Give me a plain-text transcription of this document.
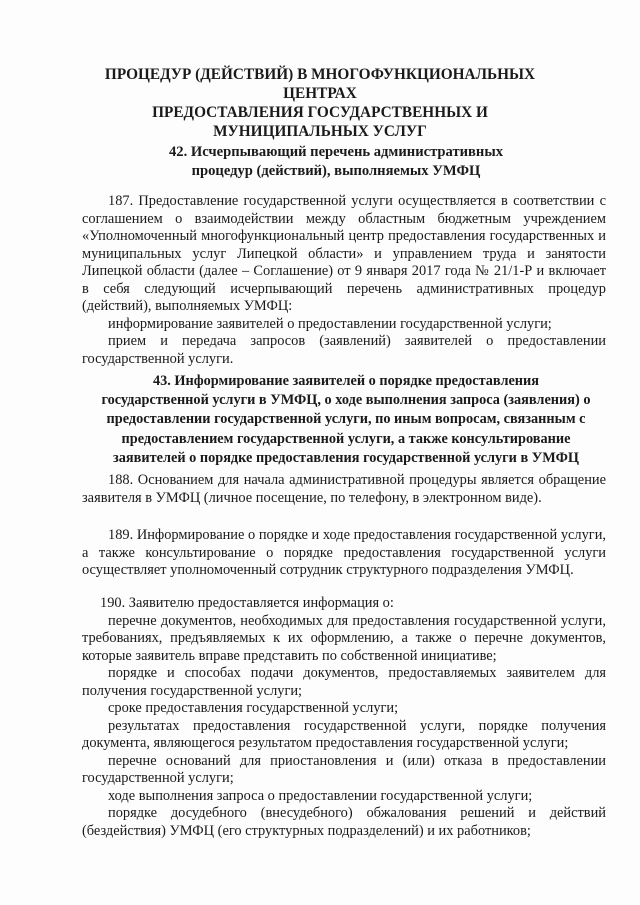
ПРОЦЕДУР (ДЕЙСТВИЙ) В МНОГОФУНКЦИОНАЛЬНЫХ ЦЕНТРАХ
ПРЕДОСТАВЛЕНИЯ ГОСУДАРСТВЕННЫХ И
МУНИЦИПАЛЬНЫХ УСЛУГ
42. Исчерпывающий перечень административных
процедур (действий), выполняемых УМФЦ

187. Предоставление государственной услуги осуществляется в соответствии с соглашением о взаимодействии между областным бюджетным учреждением «Уполномоченный многофункциональный центр предоставления государственных и муниципальных услуг Липецкой области» и управлением труда и занятости Липецкой области (далее – Соглашение) от 9 января 2017 года № 21/1-Р и включает в себя следующий исчерпывающий перечень административных процедур (действий), выполняемых УМФЦ:

информирование заявителей о предоставлении государственной услуги;

прием и передача запросов (заявлений) заявителей о предоставлении государственной услуги.

43. Информирование заявителей о порядке предоставления
государственной услуги в УМФЦ, о ходе выполнения запроса (заявления) о
предоставлении государственной услуги, по иным вопросам, связанным с
предоставлением государственной услуги, а также консультирование
заявителей о порядке предоставления государственной услуги в УМФЦ

188. Основанием для начала административной процедуры является обращение заявителя в УМФЦ (личное посещение, по телефону, в электронном виде).

189. Информирование о порядке и ходе предоставления государственной услуги, а также консультирование о порядке предоставления государственной услуги осуществляет уполномоченный сотрудник структурного подразделения УМФЦ.

190. Заявителю предоставляется информация о:

перечне документов, необходимых для предоставления государственной услуги, требованиях, предъявляемых к их оформлению, а также о перечне документов, которые заявитель вправе представить по собственной инициативе;

порядке и способах подачи документов, предоставляемых заявителем для получения государственной услуги;

сроке предоставления государственной услуги;

результатах предоставления государственной услуги, порядке получения документа, являющегося результатом предоставления государственной услуги;

перечне оснований для приостановления и (или) отказа в предоставлении государственной услуги;

ходе выполнения запроса о предоставлении государственной услуги;

порядке досудебного (внесудебного) обжалования решений и действий (бездействия) УМФЦ (его структурных подразделений) и их работников;
